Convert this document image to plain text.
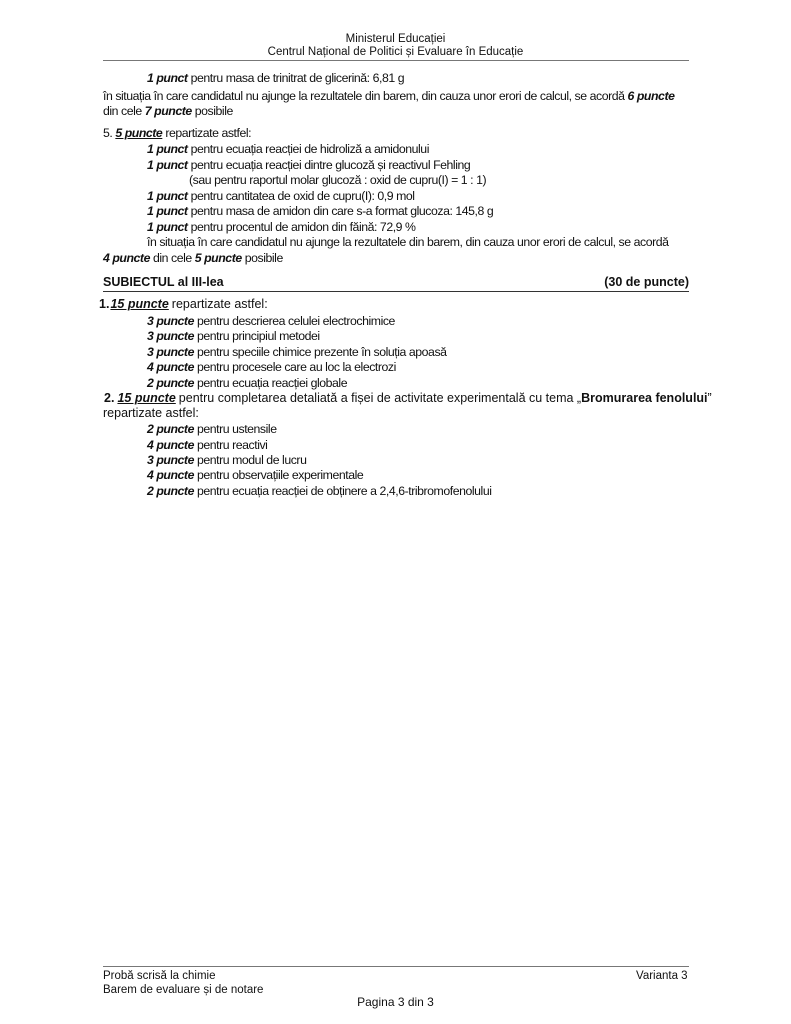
Ministerul Educației
Centrul Național de Politici și Evaluare în Educație
1 punct pentru masa de trinitrat de glicerină: 6,81 g
în situația în care candidatul nu ajunge la rezultatele din barem, din cauza unor erori de calcul, se acordă 6 puncte
din cele 7 puncte posibile
5. 5 puncte repartizate astfel:
1 punct pentru ecuația reacției de hidroliză a amidonului
1 punct pentru ecuația reacției dintre glucoză și reactivul Fehling
(sau pentru raportul molar glucoză : oxid de cupru(I) = 1 : 1)
1 punct pentru cantitatea de oxid de cupru(I): 0,9 mol
1 punct pentru masa de amidon din care s-a format glucoza: 145,8 g
1 punct pentru procentul de amidon din făină: 72,9 %
în situația în care candidatul nu ajunge la rezultatele din barem, din cauza unor erori de calcul, se acordă
4 puncte din cele 5 puncte posibile
SUBIECTUL al III-lea	(30 de puncte)
1.15 puncte repartizate astfel:
3 puncte pentru descrierea celulei electrochimice
3 puncte pentru principiul metodei
3 puncte pentru speciile chimice prezente în soluția apoasă
4 puncte pentru procesele care au loc la electrozi
2 puncte pentru ecuația reacției globale
2. 15 puncte pentru completarea detaliată a fișei de activitate experimentală cu tema „Bromurarea fenolului”
repartizate astfel:
2 puncte pentru ustensile
4 puncte pentru reactivi
3 puncte pentru modul de lucru
4 puncte pentru observațiile experimentale
2 puncte pentru ecuația reacției de obținere a 2,4,6-tribromofenolului
Probă scrisă la chimie
Barem de evaluare și de notare
Varianta 3
Pagina 3 din 3
